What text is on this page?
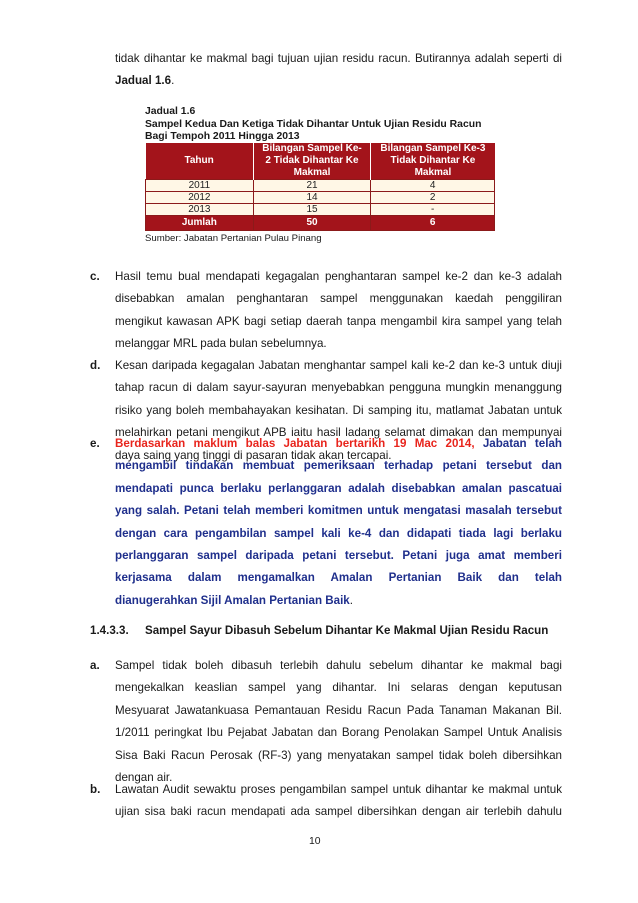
tidak dihantar ke makmal bagi tujuan ujian residu racun. Butirannya adalah seperti di
Jadual 1.6.
Jadual 1.6
Sampel Kedua Dan Ketiga Tidak Dihantar Untuk Ujian Residu Racun
Bagi Tempoh 2011 Hingga 2013
	Bilangan Sampel Ke-	Bilangan Sampel Ke-3
Tahun	2 Tidak Dihantar Ke	Tidak Dihantar Ke
	Makmal	Makmal
2011	21	4
2012	14	2
2013	15	-
Jumlah	50	6
Sumber: Jabatan Pertanian Pulau Pinang
c. Hasil temu bual mendapati kegagalan penghantaran sampel ke-2 dan ke-3 adalah
disebabkan amalan penghantaran sampel menggunakan kaedah penggiliran
mengikut kawasan APK bagi setiap daerah tanpa mengambil kira sampel yang telah
melanggar MRL pada bulan sebelumnya.
d. Kesan daripada kegagalan Jabatan menghantar sampel kali ke-2 dan ke-3 untuk diuji
tahap racun di dalam sayur-sayuran menyebabkan pengguna mungkin menanggung
risiko yang boleh membahayakan kesihatan. Di samping itu, matlamat Jabatan untuk
melahirkan petani mengikut APB iaitu hasil ladang selamat dimakan dan mempunyai
daya saing yang tinggi di pasaran tidak akan tercapai.
e. Berdasarkan maklum balas Jabatan bertarikh 19 Mac 2014, Jabatan telah
mengambil tindakan membuat pemeriksaan terhadap petani tersebut dan
mendapati punca berlaku perlanggaran adalah disebabkan amalan pascatuai
yang salah. Petani telah memberi komitmen untuk mengatasi masalah tersebut
dengan cara pengambilan sampel kali ke-4 dan didapati tiada lagi berlaku
perlanggaran sampel daripada petani tersebut. Petani juga amat memberi
kerjasama dalam mengamalkan Amalan Pertanian Baik dan telah
dianugerahkan Sijil Amalan Pertanian Baik.
1.4.3.3. Sampel Sayur Dibasuh Sebelum Dihantar Ke Makmal Ujian Residu Racun
a. Sampel tidak boleh dibasuh terlebih dahulu sebelum dihantar ke makmal bagi
mengekalkan keaslian sampel yang dihantar. Ini selaras dengan keputusan
Mesyuarat Jawatankuasa Pemantauan Residu Racun Pada Tanaman Makanan Bil.
1/2011 peringkat Ibu Pejabat Jabatan dan Borang Penolakan Sampel Untuk Analisis
Sisa Baki Racun Perosak (RF-3) yang menyatakan sampel tidak boleh dibersihkan
dengan air.
b. Lawatan Audit sewaktu proses pengambilan sampel untuk dihantar ke makmal untuk
ujian sisa baki racun mendapati ada sampel dibersihkan dengan air terlebih dahulu
10
